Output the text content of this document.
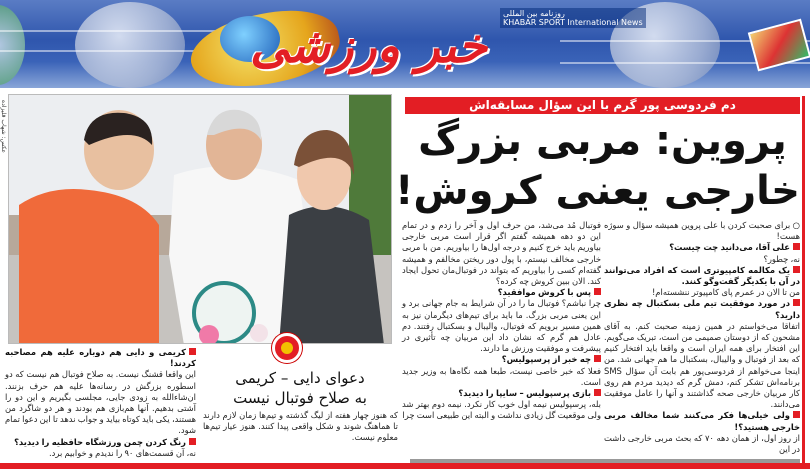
روزنامه بین المللی
KHABAR SPORT International News
خبر ورزشی
دم فردوسی پور گرم با این سؤال مسابقه‌اش
پروین: مربی بزرگ
خارجی یعنی کروش!

○ برای صحبت کردن با علی پروین همیشه سؤال و سوژه هست!

علی آقا، می‌دانید چت چیست؟

نه، چطور؟

یک مکالمه کامپیوتری است که افراد می‌توانند در آن با یکدیگر گفت‌وگو کنند.

من تا الان در عمرم پای کامپیوتر ننشسته‌ام!

در مورد موفقیت تیم ملی بسکتبال چه نظری دارید؟

اتفاقا می‌خواستم در همین زمینه صحبت کنم. به آقای مشحون که از دوستان صمیمی من است، تبریک می‌گویم. این افتخار برای همه ایران است و واقعا باید افتخار کنیم که بعد از فوتبال و والیبال، بسکتبال ما هم جهانی شد. من اینجا می‌خواهم از فردوسی‌پور هم بابت آن سؤال SMS برنامه‌اش تشکر کنم، دمش گرم که دیدید مردم هم روی کار مربیان خارجی صحه گذاشتند و آنها را عامل موفقیت می‌دانند.

ولی خیلی‌ها فکر می‌کنند شما مخالف مربی خارجی هستید؟!

از روز اول، از همان دهه ۷۰ که بحث مربی خارجی داشت در این

فوتبال مُد می‌شد، من حرف اول و آخر را زدم و در تمام این دو دهه همیشه گفتم اگر قرار است مربی خارجی بیاوریم باید خرج کنیم و درجه اول‌ها را بیاوریم. من با مربی خارجی مخالف نیستم، با پول دور ریختن مخالفم و همیشه گفته‌ام کسی را بیاوریم که بتواند در فوتبال‌مان تحول ایجاد کند. الان ببین کروش چه کرده؟

پس با کروش موافقید؟

چرا نباشم؟ فوتبال ما را در آن شرایط به جام جهانی برد و این یعنی مربی بزرگ. ما باید برای تیم‌های دیگرمان نیز به همین مسیر برویم که فوتبال، والیبال و بسکتبال رفتند. دم عادل هم گرم که نشان داد این مربیان چه تأثیری در پیشرفت و موفقیت ورزش ما دارند.

چه خبر از پرسپولیس؟

فعلا که خبر خاصی نیست، طبعا همه نگاه‌ها به وزیر جدید است.

بازی پرسپولیس – سایپا را دیدید؟

بله، پرسپولیس نیمه اول خوب کار نکرد. نیمه دوم بهتر شد ولی موقعیت گل زیادی نداشت و البته این طبیعی است چرا

عکس: شهاب قلیزاده

کریمی و دایی هم دوباره علیه هم مصاحبه کردند!

این واقعا قشنگ نیست. به صلاح فوتبال هم نیست که دو اسطوره بزرگش در رسانه‌ها علیه هم حرف بزنند. ان‌شاءالله به زودی جایی، مجلسی بگیریم و این دو را آشتی بدهیم. آنها هم‌بازی هم بودند و هر دو شاگرد من هستند، یکی باید کوتاه بیاید و جواب ندهد تا این دعوا تمام شود.

رنگ کردن چمن ورزشگاه حافظیه را دیدید؟

نه، آن قسمت‌های ۹۰ را ندیدم و خوابیم برد.

دعوای دایی – کریمی
به صلاح فوتبال نیست
که هنوز چهار هفته از لیگ گذشته و تیم‌ها زمان لازم دارند تا هماهنگ شوند و شکل واقعی پیدا کنند. هنوز عیار تیم‌ها معلوم نیست.
